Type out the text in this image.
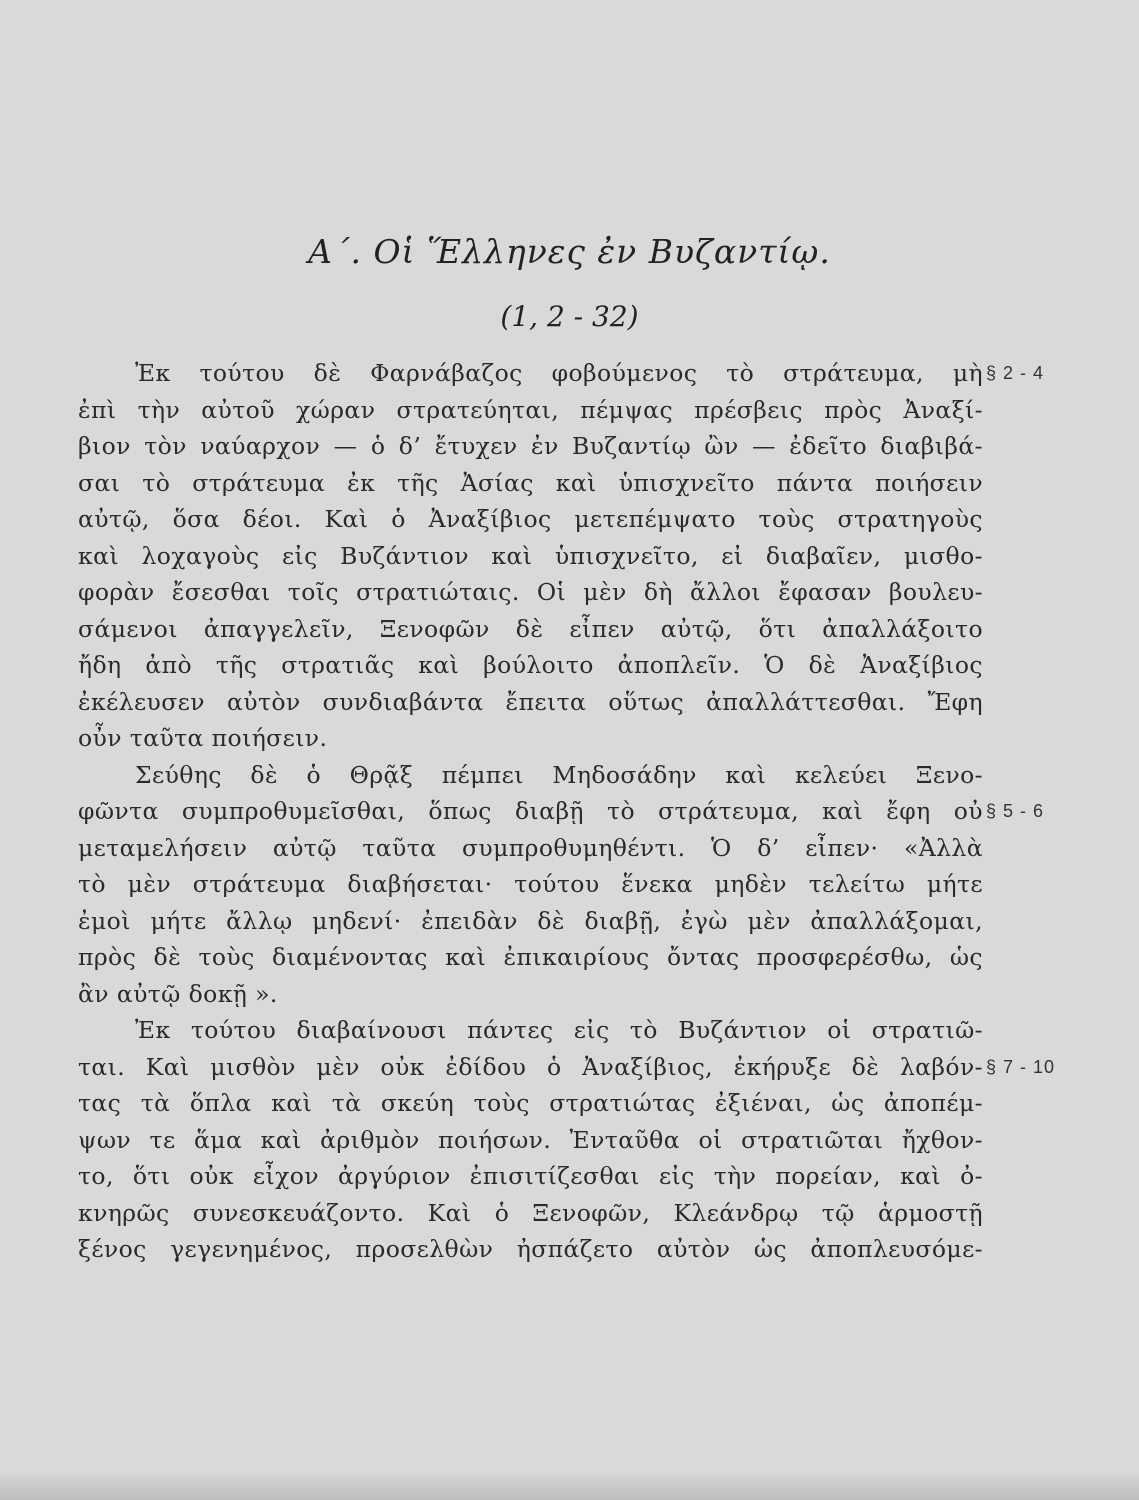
Α΄. Οἱ Ἕλληνες ἐν Βυζαντίῳ.
(1, 2 - 32)
§ 2 - 4
§ 5 - 6
§ 7 - 10
Ἐκ τούτου δὲ Φαρνάβαζος φοβούμενος τὸ στράτευμα, μὴ
ἐπὶ τὴν αὐτοῦ χώραν στρατεύηται, πέμψας πρέσβεις πρὸς Ἀναξί-
βιον τὸν ναύαρχον — ὁ δ’ ἔτυχεν ἐν Βυζαντίῳ ὢν — ἐδεῖτο διαβιβά-
σαι τὸ στράτευμα ἐκ τῆς Ἀσίας καὶ ὑπισχνεῖτο πάντα ποιήσειν
αὐτῷ, ὅσα δέοι. Καὶ ὁ Ἀναξίβιος μετεπέμψατο τοὺς στρατηγοὺς
καὶ λοχαγοὺς εἰς Βυζάντιον καὶ ὑπισχνεῖτο, εἰ διαβαῖεν, μισθο-
φορὰν ἔσεσθαι τοῖς στρατιώταις. Οἱ μὲν δὴ ἄλλοι ἔφασαν βουλευ-
σάμενοι ἀπαγγελεῖν, Ξενοφῶν δὲ εἶπεν αὐτῷ, ὅτι ἀπαλλάξοιτο
ἤδη ἀπὸ τῆς στρατιᾶς καὶ βούλοιτο ἀποπλεῖν. Ὁ δὲ Ἀναξίβιος
ἐκέλευσεν αὐτὸν συνδιαβάντα ἔπειτα οὕτως ἀπαλλάττεσθαι. Ἔφη
οὖν ταῦτα ποιήσειν.
Σεύθης δὲ ὁ Θρᾷξ πέμπει Μηδοσάδην καὶ κελεύει Ξενο-
φῶντα συμπροθυμεῖσθαι, ὅπως διαβῇ τὸ στράτευμα, καὶ ἔφη οὐ
μεταμελήσειν αὐτῷ ταῦτα συμπροθυμηθέντι. Ὁ δ’ εἶπεν· «Ἀλλὰ
τὸ μὲν στράτευμα διαβήσεται· τούτου ἕνεκα μηδὲν τελείτω μήτε
ἐμοὶ μήτε ἄλλῳ μηδενί· ἐπειδὰν δὲ διαβῇ, ἐγὼ μὲν ἀπαλλάξομαι,
πρὸς δὲ τοὺς διαμένοντας καὶ ἐπικαιρίους ὄντας προσφερέσθω, ὡς
ἂν αὐτῷ δοκῇ ».
Ἐκ τούτου διαβαίνουσι πάντες εἰς τὸ Βυζάντιον οἱ στρατιῶ-
ται. Καὶ μισθὸν μὲν οὐκ ἐδίδου ὁ Ἀναξίβιος, ἐκήρυξε δὲ λαβόν-
τας τὰ ὅπλα καὶ τὰ σκεύη τοὺς στρατιώτας ἐξιέναι, ὡς ἀποπέμ-
ψων τε ἅμα καὶ ἀριθμὸν ποιήσων. Ἐνταῦθα οἱ στρατιῶται ἤχθον-
το, ὅτι οὐκ εἶχον ἀργύριον ἐπισιτίζεσθαι εἰς τὴν πορείαν, καὶ ὀ-
κνηρῶς συνεσκευάζοντο. Καὶ ὁ Ξενοφῶν, Κλεάνδρῳ τῷ ἁρμοστῇ
ξένος γεγενημένος, προσελθὼν ἠσπάζετο αὐτὸν ὡς ἀποπλευσόμε-
